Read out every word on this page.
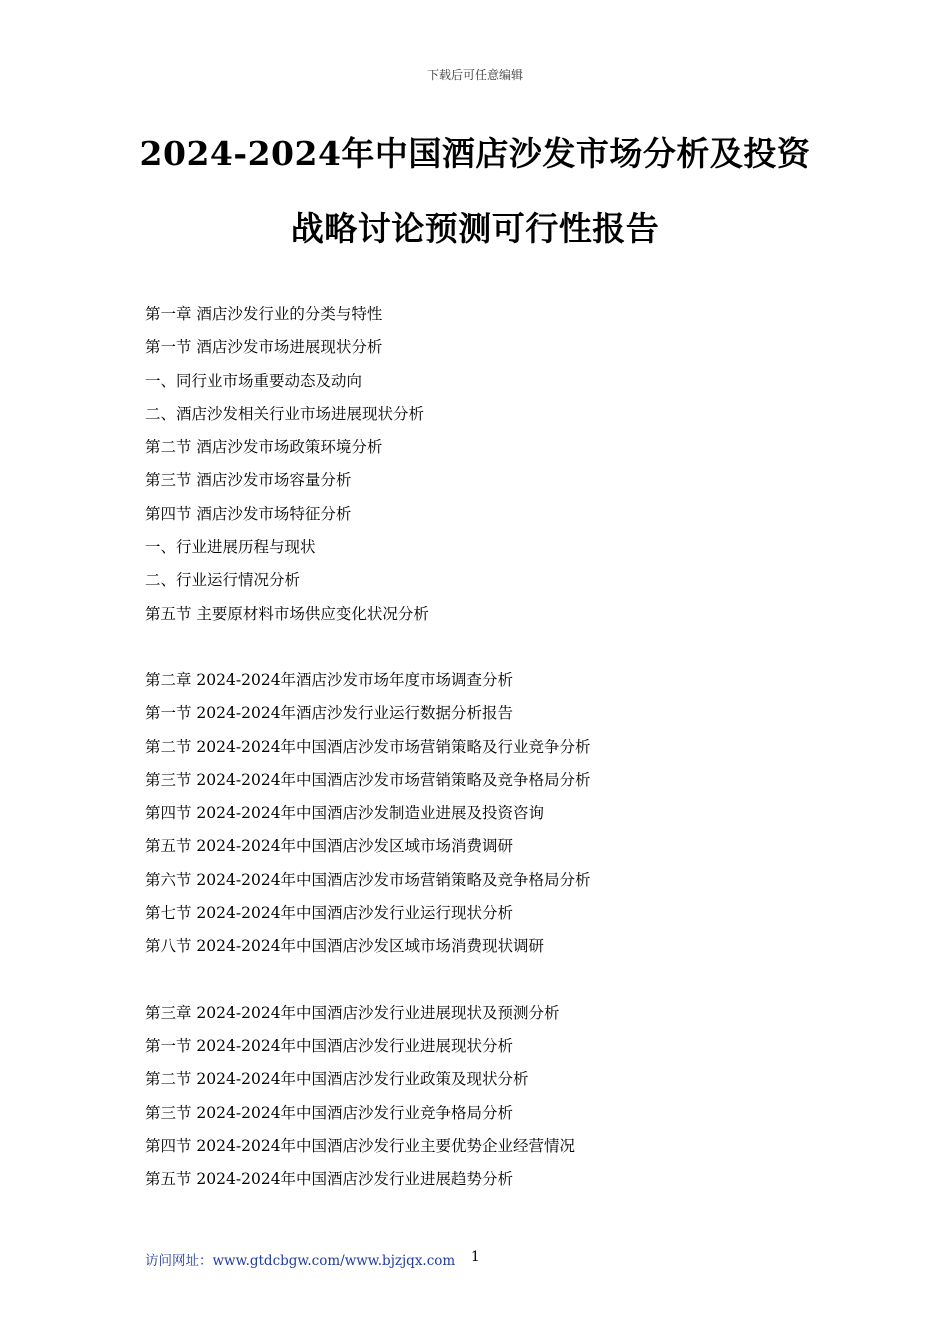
下载后可任意编辑
2024-2024年中国酒店沙发市场分析及投资
战略讨论预测可行性报告
第一章 酒店沙发行业的分类与特性
第一节 酒店沙发市场进展现状分析
一、同行业市场重要动态及动向
二、酒店沙发相关行业市场进展现状分析
第二节 酒店沙发市场政策环境分析
第三节 酒店沙发市场容量分析
第四节 酒店沙发市场特征分析
一、行业进展历程与现状
二、行业运行情况分析
第五节 主要原材料市场供应变化状况分析
第二章 2024-2024年酒店沙发市场年度市场调查分析
第一节 2024-2024年酒店沙发行业运行数据分析报告
第二节 2024-2024年中国酒店沙发市场营销策略及行业竞争分析
第三节 2024-2024年中国酒店沙发市场营销策略及竞争格局分析
第四节 2024-2024年中国酒店沙发制造业进展及投资咨询
第五节 2024-2024年中国酒店沙发区域市场消费调研
第六节 2024-2024年中国酒店沙发市场营销策略及竞争格局分析
第七节 2024-2024年中国酒店沙发行业运行现状分析
第八节 2024-2024年中国酒店沙发区域市场消费现状调研
第三章 2024-2024年中国酒店沙发行业进展现状及预测分析
第一节 2024-2024年中国酒店沙发行业进展现状分析
第二节 2024-2024年中国酒店沙发行业政策及现状分析
第三节 2024-2024年中国酒店沙发行业竞争格局分析
第四节 2024-2024年中国酒店沙发行业主要优势企业经营情况
第五节 2024-2024年中国酒店沙发行业进展趋势分析
访问网址：www.gtdcbgw.com/www.bjzjqx.com 1
